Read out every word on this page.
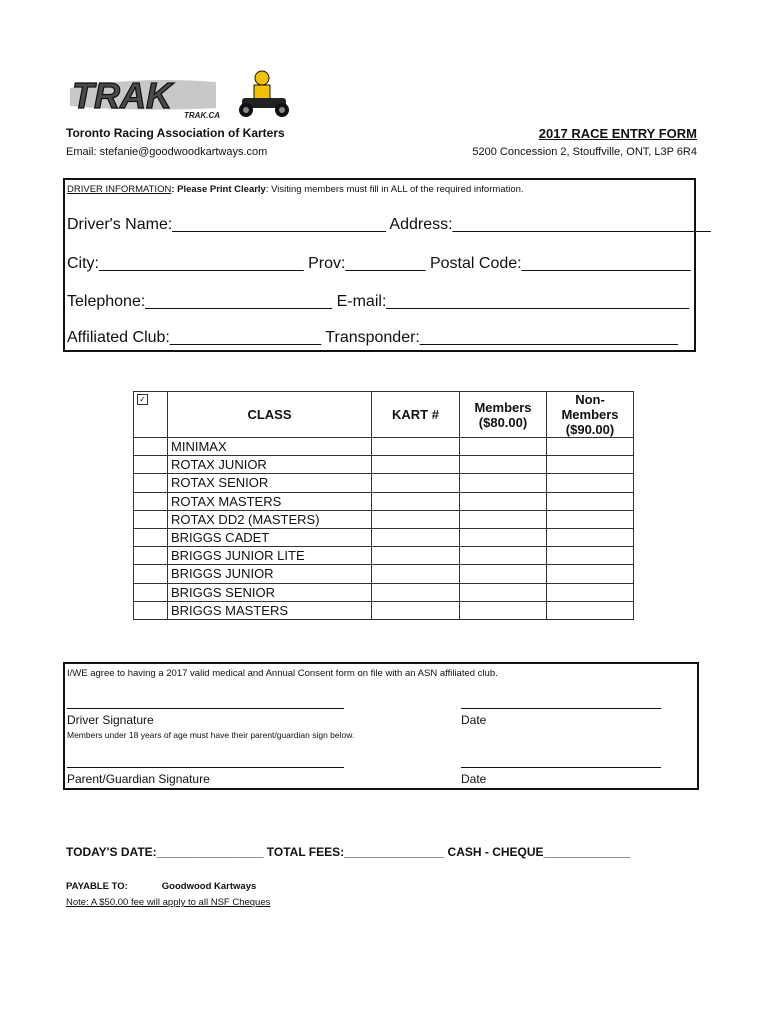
TRAK	TRAK.CA
Toronto Racing Association of Karters
Email: stefanie@goodwoodkartways.com
2017 RACE ENTRY FORM
5200 Concession 2, Stouffville, ONT, L3P 6R4
DRIVER INFORMATION: Please Print Clearly: Visiting members must fill in ALL of the required information.
Driver's Name:________________________ Address:_____________________________
City:_______________________ Prov:_________ Postal Code:___________________
Telephone:_____________________ E-mail:__________________________________
Affiliated Club:_________________ Transponder:_____________________________
✓	CLASS	KART #	Members ($80.00)	Non-Members
($90.00)

	MINIMAX			
	ROTAX JUNIOR			
	ROTAX SENIOR			
	ROTAX MASTERS			
	ROTAX DD2 (MASTERS)			
	BRIGGS CADET			
	BRIGGS JUNIOR LITE			
	BRIGGS JUNIOR			
	BRIGGS SENIOR			
	BRIGGS MASTERS			
I/WE agree to having a 2017 valid medical and Annual Consent form on file with an ASN affiliated club.
Driver Signature	Date
Members under 18 years of age must have their parent/guardian sign below.
Parent/Guardian Signature	Date
TODAY'S DATE:________________ TOTAL FEES:_______________ CASH - CHEQUE_____________
PAYABLE TO:	Goodwood Kartways
Note: A $50.00 fee will apply to all NSF Cheques
